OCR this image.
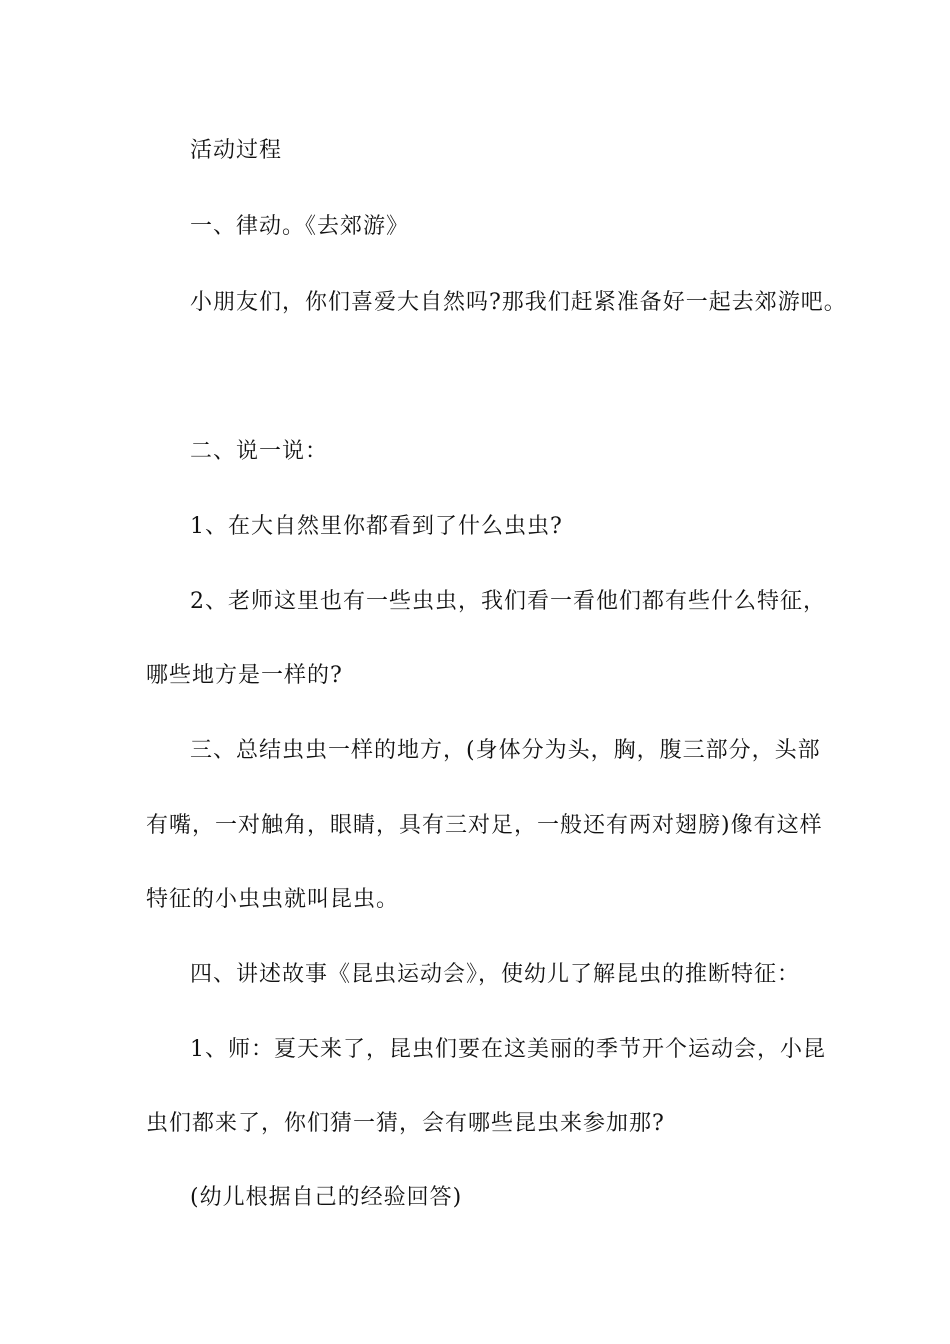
活动过程
一、律动。《去郊游》
小朋友们，你们喜爱大自然吗?那我们赶紧准备好一起去郊游吧。
二、说一说：
1、在大自然里你都看到了什么虫虫?
2、老师这里也有一些虫虫，我们看一看他们都有些什么特征，
哪些地方是一样的?
三、总结虫虫一样的地方，(身体分为头，胸，腹三部分，头部
有嘴，一对触角，眼睛，具有三对足，一般还有两对翅膀)像有这样
特征的小虫虫就叫昆虫。
四、讲述故事《昆虫运动会》，使幼儿了解昆虫的推断特征：
1、师：夏天来了，昆虫们要在这美丽的季节开个运动会，小昆
虫们都来了，你们猜一猜，会有哪些昆虫来参加那?
(幼儿根据自己的经验回答)
